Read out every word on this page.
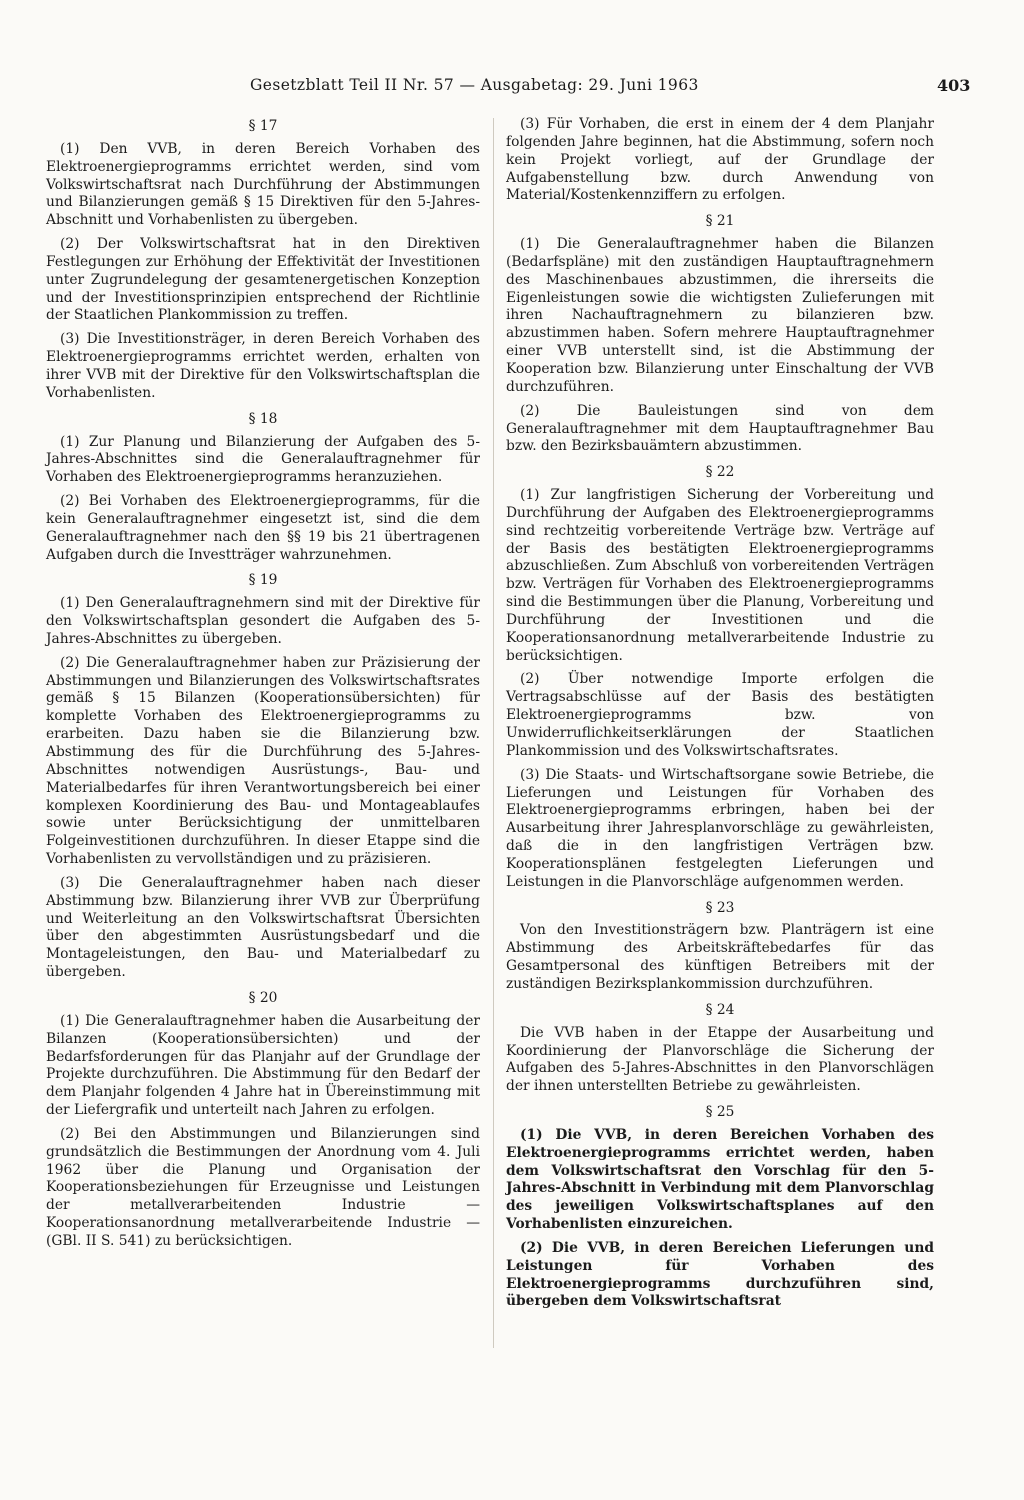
Gesetzblatt Teil II Nr. 57 — Ausgabetag: 29. Juni 1963	403
§ 17

(1) Den VVB, in deren Bereich Vorhaben des Elektroenergieprogramms errichtet werden, sind vom Volkswirtschaftsrat nach Durchführung der Abstimmungen und Bilanzierungen gemäß § 15 Direktiven für den 5-Jahres-Abschnitt und Vorhabenlisten zu übergeben.

(2) Der Volkswirtschaftsrat hat in den Direktiven Festlegungen zur Erhöhung der Effektivität der Investitionen unter Zugrundelegung der gesamtenergetischen Konzeption und der Investitionsprinzipien entsprechend der Richtlinie der Staatlichen Plankommission zu treffen.

(3) Die Investitionsträger, in deren Bereich Vorhaben des Elektroenergieprogramms errichtet werden, erhalten von ihrer VVB mit der Direktive für den Volkswirtschaftsplan die Vorhabenlisten.

§ 18

(1) Zur Planung und Bilanzierung der Aufgaben des 5-Jahres-Abschnittes sind die Generalauftragnehmer für Vorhaben des Elektroenergieprogramms heranzuziehen.

(2) Bei Vorhaben des Elektroenergieprogramms, für die kein Generalauftragnehmer eingesetzt ist, sind die dem Generalauftragnehmer nach den §§ 19 bis 21 übertragenen Aufgaben durch die Investträger wahrzunehmen.

§ 19

(1) Den Generalauftragnehmern sind mit der Direktive für den Volkswirtschaftsplan gesondert die Aufgaben des 5-Jahres-Abschnittes zu übergeben.

(2) Die Generalauftragnehmer haben zur Präzisierung der Abstimmungen und Bilanzierungen des Volkswirtschaftsrates gemäß § 15 Bilanzen (Kooperationsübersichten) für komplette Vorhaben des Elektroenergieprogramms zu erarbeiten. Dazu haben sie die Bilanzierung bzw. Abstimmung des für die Durchführung des 5-Jahres-Abschnittes notwendigen Ausrüstungs-, Bau- und Materialbedarfes für ihren Verantwortungsbereich bei einer komplexen Koordinierung des Bau- und Montageablaufes sowie unter Berücksichtigung der unmittelbaren Folgeinvestitionen durchzuführen. In dieser Etappe sind die Vorhabenlisten zu vervollständigen und zu präzisieren.

(3) Die Generalauftragnehmer haben nach dieser Abstimmung bzw. Bilanzierung ihrer VVB zur Überprüfung und Weiterleitung an den Volkswirtschaftsrat Übersichten über den abgestimmten Ausrüstungsbedarf und die Montageleistungen, den Bau- und Materialbedarf zu übergeben.

§ 20

(1) Die Generalauftragnehmer haben die Ausarbeitung der Bilanzen (Kooperationsübersichten) und der Bedarfsforderungen für das Planjahr auf der Grundlage der Projekte durchzuführen. Die Abstimmung für den Bedarf der dem Planjahr folgenden 4 Jahre hat in Übereinstimmung mit der Liefergrafik und unterteilt nach Jahren zu erfolgen.

(2) Bei den Abstimmungen und Bilanzierungen sind grundsätzlich die Bestimmungen der Anordnung vom 4. Juli 1962 über die Planung und Organisation der Kooperationsbeziehungen für Erzeugnisse und Leistungen der metallverarbeitenden Industrie — Kooperationsanordnung metallverarbeitende Industrie — (GBl. II S. 541) zu berücksichtigen.

(3) Für Vorhaben, die erst in einem der 4 dem Planjahr folgenden Jahre beginnen, hat die Abstimmung, sofern noch kein Projekt vorliegt, auf der Grundlage der Aufgabenstellung bzw. durch Anwendung von Material/Kostenkennziffern zu erfolgen.

§ 21

(1) Die Generalauftragnehmer haben die Bilanzen (Bedarfspläne) mit den zuständigen Hauptauftragnehmern des Maschinenbaues abzustimmen, die ihrerseits die Eigenleistungen sowie die wichtigsten Zulieferungen mit ihren Nachauftragnehmern zu bilanzieren bzw. abzustimmen haben. Sofern mehrere Hauptauftragnehmer einer VVB unterstellt sind, ist die Abstimmung der Kooperation bzw. Bilanzierung unter Einschaltung der VVB durchzuführen.

(2) Die Bauleistungen sind von dem Generalauftragnehmer mit dem Hauptauftragnehmer Bau bzw. den Bezirksbauämtern abzustimmen.

§ 22

(1) Zur langfristigen Sicherung der Vorbereitung und Durchführung der Aufgaben des Elektroenergieprogramms sind rechtzeitig vorbereitende Verträge bzw. Verträge auf der Basis des bestätigten Elektroenergieprogramms abzuschließen. Zum Abschluß von vorbereitenden Verträgen bzw. Verträgen für Vorhaben des Elektroenergieprogramms sind die Bestimmungen über die Planung, Vorbereitung und Durchführung der Investitionen und die Kooperationsanordnung metallverarbeitende Industrie zu berücksichtigen.

(2) Über notwendige Importe erfolgen die Vertragsabschlüsse auf der Basis des bestätigten Elektroenergieprogramms bzw. von Unwiderruflichkeitserklärungen der Staatlichen Plankommission und des Volkswirtschaftsrates.

(3) Die Staats- und Wirtschaftsorgane sowie Betriebe, die Lieferungen und Leistungen für Vorhaben des Elektroenergieprogramms erbringen, haben bei der Ausarbeitung ihrer Jahresplanvorschläge zu gewährleisten, daß die in den langfristigen Verträgen bzw. Kooperationsplänen festgelegten Lieferungen und Leistungen in die Planvorschläge aufgenommen werden.

§ 23

Von den Investitionsträgern bzw. Planträgern ist eine Abstimmung des Arbeitskräftebedarfes für das Gesamtpersonal des künftigen Betreibers mit der zuständigen Bezirksplankommission durchzuführen.

§ 24

Die VVB haben in der Etappe der Ausarbeitung und Koordinierung der Planvorschläge die Sicherung der Aufgaben des 5-Jahres-Abschnittes in den Planvorschlägen der ihnen unterstellten Betriebe zu gewährleisten.

§ 25

(1) Die VVB, in deren Bereichen Vorhaben des Elektroenergieprogramms errichtet werden, haben dem Volkswirtschaftsrat den Vorschlag für den 5-Jahres-Abschnitt in Verbindung mit dem Planvorschlag des jeweiligen Volkswirtschaftsplanes auf den Vorhabenlisten einzureichen.

(2) Die VVB, in deren Bereichen Lieferungen und Leistungen für Vorhaben des Elektroenergieprogramms durchzuführen sind, übergeben dem Volkswirtschaftsrat
